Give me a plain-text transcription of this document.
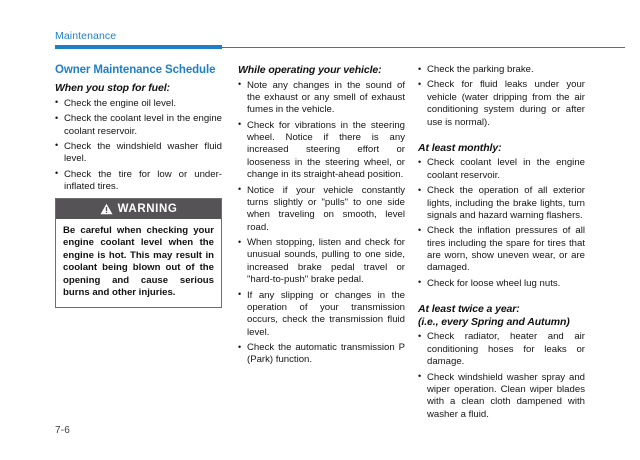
Maintenance
Owner Maintenance Schedule
When you stop for fuel:
• Check the engine oil level.
• Check the coolant level in the engine coolant reservoir.
• Check the windshield washer fluid level.
• Check the tire for low or under-inflated tires.
While operating your vehicle:
• Note any changes in the sound of the exhaust or any smell of exhaust fumes in the vehicle.
• Check for vibrations in the steering wheel. Notice if there is any increased steering effort or looseness in the steering wheel, or change in its straight-ahead position.
• Notice if your vehicle constantly turns slightly or "pulls" to one side when traveling on smooth, level road.
• When stopping, listen and check for unusual sounds, pulling to one side, increased brake pedal travel or "hard-to-push" brake pedal.
• If any slipping or changes in the operation of your transmission occurs, check the transmission fluid level.
• Check the automatic transmission P (Park) function.
• Check the parking brake.
• Check for fluid leaks under your vehicle (water dripping from the air conditioning system during or after use is normal).
At least monthly:
• Check coolant level in the engine coolant reservoir.
• Check the operation of all exterior lights, including the brake lights, turn signals and hazard warning flashers.
• Check the inflation pressures of all tires including the spare for tires that are worn, show uneven wear, or are damaged.
• Check for loose wheel lug nuts.
At least twice a year:
(i.e., every Spring and Autumn)
• Check radiator, heater and air conditioning hoses for leaks or damage.
• Check windshield washer spray and wiper operation. Clean wiper blades with a clean cloth dampened with washer a fluid.
WARNING
Be careful when checking your engine coolant level when the engine is hot. This may result in coolant being blown out of the opening and cause serious burns and other injuries.
7-6
